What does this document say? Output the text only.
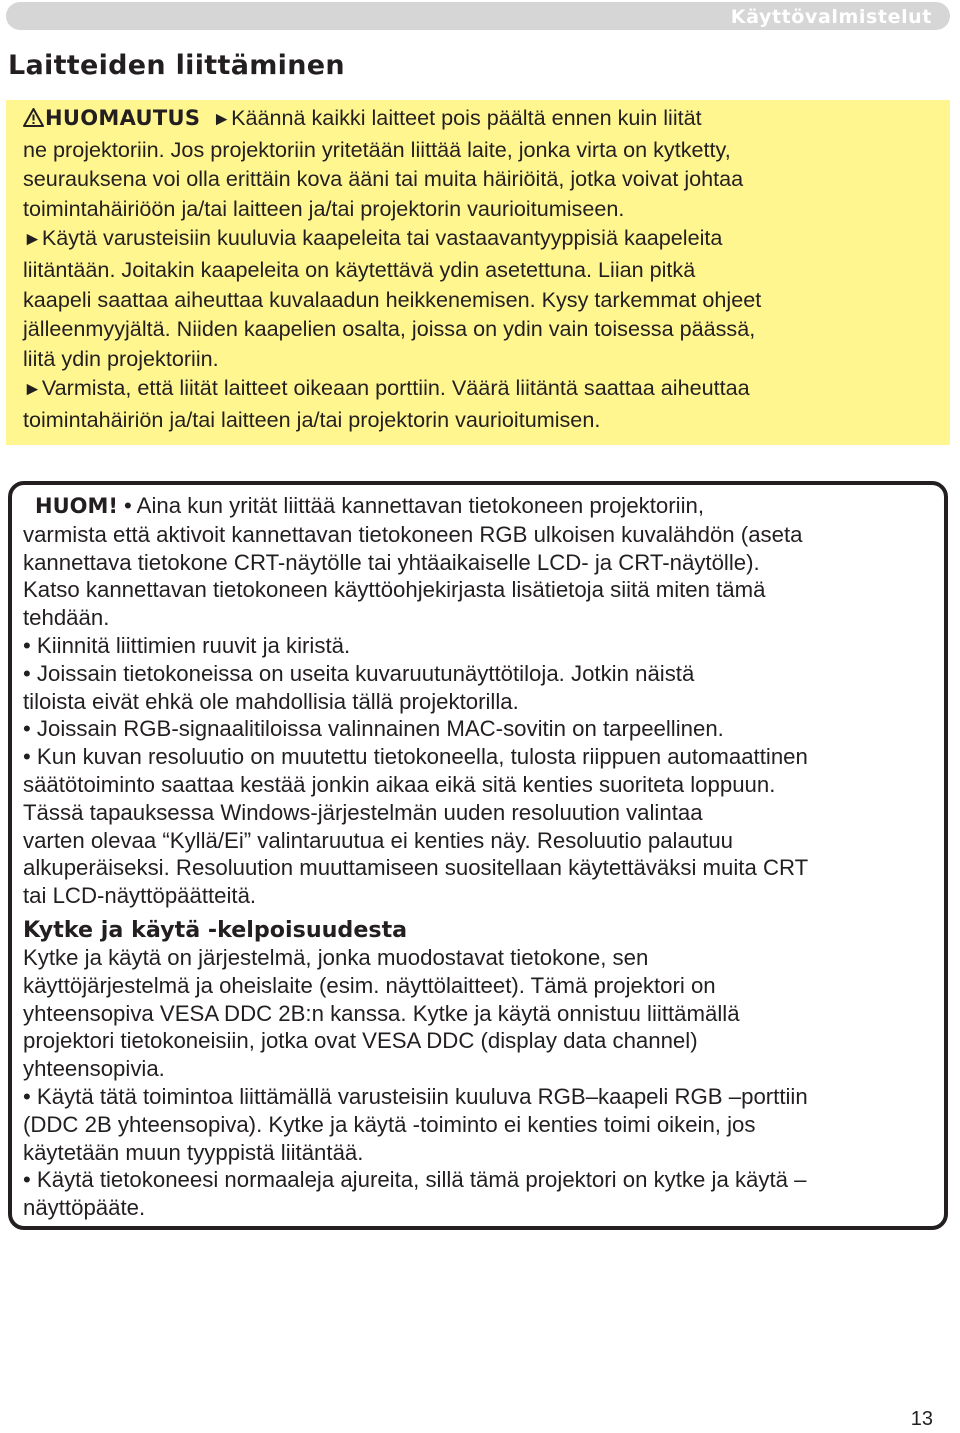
Käyttövalmistelut
Laitteiden liittäminen

HUOMAUTUS ►Käännä kaikki laitteet pois päältä ennen kuin liität

ne projektoriin. Jos projektoriin yritetään liittää laite, jonka virta on kytketty,

seurauksena voi olla erittäin kova ääni tai muita häiriöitä, jotka voivat johtaa

toimintahäiriöön ja/tai laitteen ja/tai projektorin vaurioitumiseen.

►Käytä varusteisiin kuuluvia kaapeleita tai vastaavantyyppisiä kaapeleita

liitäntään. Joitakin kaapeleita on käytettävä ydin asetettuna. Liian pitkä

kaapeli saattaa aiheuttaa kuvalaadun heikkenemisen. Kysy tarkemmat ohjeet

jälleenmyyjältä. Niiden kaapelien osalta, joissa on ydin vain toisessa päässä,

liitä ydin projektoriin.

►Varmista, että liität laitteet oikeaan porttiin. Väärä liitäntä saattaa aiheuttaa

toimintahäiriön ja/tai laitteen ja/tai projektorin vaurioitumisen.

HUOM! • Aina kun yrität liittää kannettavan tietokoneen projektoriin,

varmista että aktivoit kannettavan tietokoneen RGB ulkoisen kuvalähdön (aseta

kannettava tietokone CRT-näytölle tai yhtäaikaiselle LCD- ja CRT-näytölle).

Katso kannettavan tietokoneen käyttöohjekirjasta lisätietoja siitä miten tämä

tehdään.

• Kiinnitä liittimien ruuvit ja kiristä.

• Joissain tietokoneissa on useita kuvaruutunäyttötiloja. Jotkin näistä

tiloista eivät ehkä ole mahdollisia tällä projektorilla.

• Joissain RGB-signaalitiloissa valinnainen MAC-sovitin on tarpeellinen.

• Kun kuvan resoluutio on muutettu tietokoneella, tulosta riippuen automaattinen

säätötoiminto saattaa kestää jonkin aikaa eikä sitä kenties suoriteta loppuun.

Tässä tapauksessa Windows-järjestelmän uuden resoluution valintaa

varten olevaa “Kyllä/Ei” valintaruutua ei kenties näy. Resoluutio palautuu

alkuperäiseksi. Resoluution muuttamiseen suositellaan käytettäväksi muita CRT

tai LCD-näyttöpäätteitä.

Kytke ja käytä -kelpoisuudesta

Kytke ja käytä on järjestelmä, jonka muodostavat tietokone, sen

käyttöjärjestelmä ja oheislaite (esim. näyttölaitteet). Tämä projektori on

yhteensopiva VESA DDC 2B:n kanssa. Kytke ja käytä onnistuu liittämällä

projektori tietokoneisiin, jotka ovat VESA DDC (display data channel)

yhteensopivia.

• Käytä tätä toimintoa liittämällä varusteisiin kuuluva RGB–kaapeli RGB –porttiin

(DDC 2B yhteensopiva). Kytke ja käytä -toiminto ei kenties toimi oikein, jos

käytetään muun tyyppistä liitäntää.

• Käytä tietokoneesi normaaleja ajureita, sillä tämä projektori on kytke ja käytä –

näyttöpääte.

13
